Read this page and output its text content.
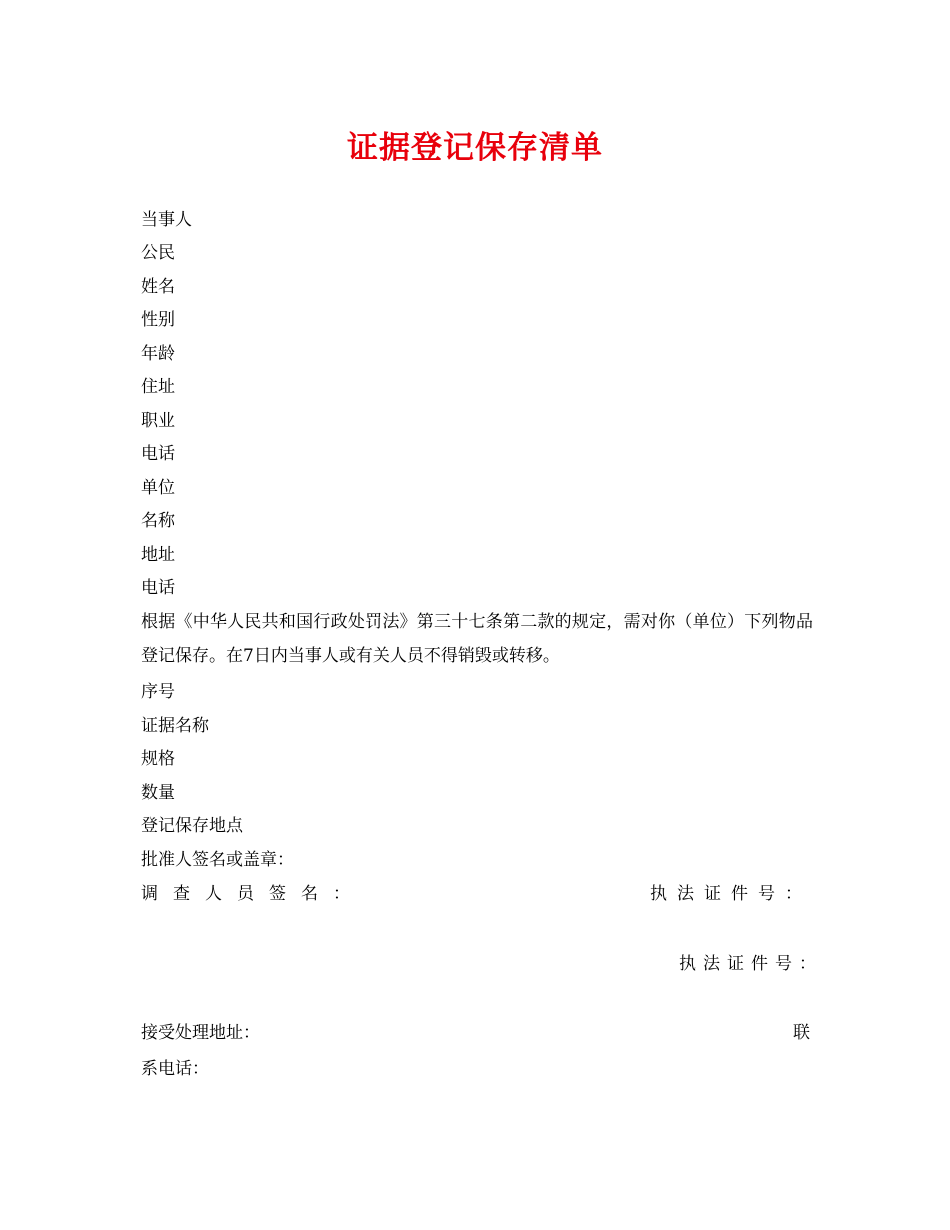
证据登记保存清单
当事人
公民
姓名
性别
年龄
住址
职业
电话
单位
名称
地址
电话
根据《中华人民共和国行政处罚法》第三十七条第二款的规定，需对你（单位）下列物品登记保存。在7日内当事人或有关人员不得销毁或转移。
序号
证据名称
规格
数量
登记保存地点
批准人签名或盖章：
调查人员签名：	执法证件号：
执法证件号：
接受处理地址：	联
系电话：
